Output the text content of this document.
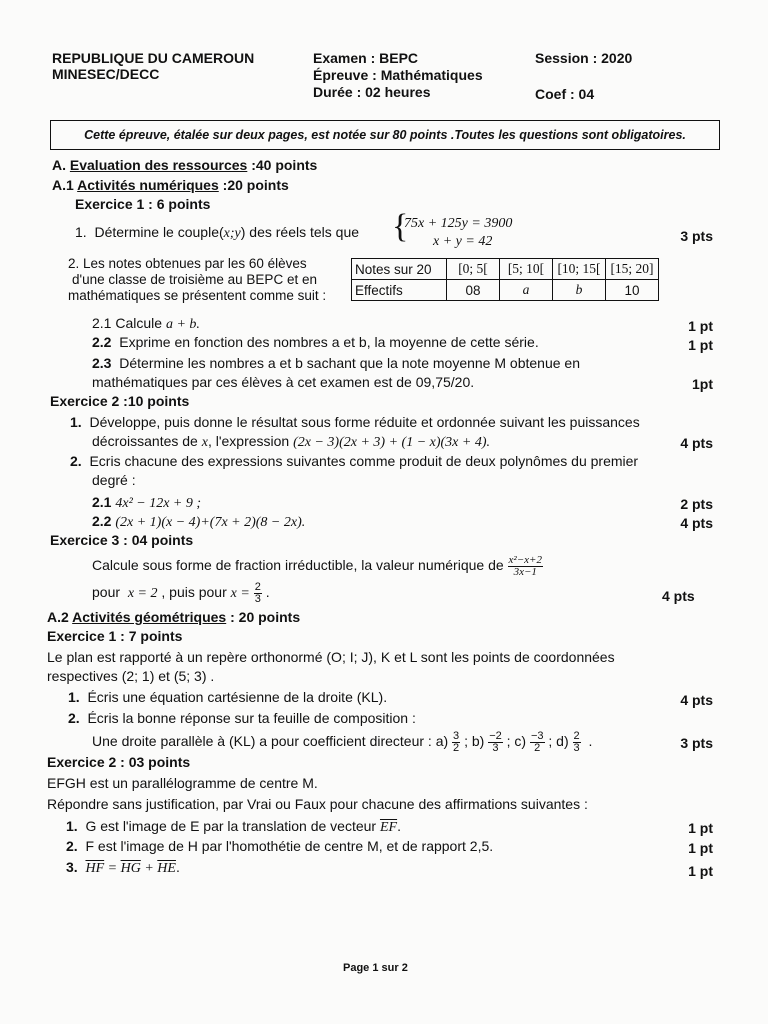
REPUBLIQUE DU CAMEROUN
MINESEC/DECC
Examen : BEPC
Épreuve : Mathématiques
Durée : 02 heures
Session : 2020
Coef : 04
Cette épreuve, étalée sur deux pages, est notée sur 80 points .Toutes les questions sont obligatoires.
A. Evaluation des ressources :40 points
A.1 Activités numériques :20 points
Exercice 1 : 6 points
1. Détermine le couple(x;y) des réels tels que {
75x + 125y = 3900
x + y = 42	3 pts
2. Les notes obtenues par les 60 élèves
d'une classe de troisième au BEPC et en
mathématiques se présentent comme suit :
Notes sur 20	[0; 5[	[5; 10[	[10; 15[	[15; 20]
Effectifs	08	a	b	10
2.1 Calcule a + b.	1 pt
2.2 Exprime en fonction des nombres a et b, la moyenne de cette série.	1 pt
2.3 Détermine les nombres a et b sachant que la note moyenne M obtenue en
mathématiques par ces élèves à cet examen est de 09,75/20.	1pt
Exercice 2 :10 points
1. Développe, puis donne le résultat sous forme réduite et ordonnée suivant les puissances
décroissantes de x, l'expression (2x − 3)(2x + 3) + (1 − x)(3x + 4).	4 pts
2. Ecris chacune des expressions suivantes comme produit de deux polynômes du premier
degré :
2.1 4x² − 12x + 9 ;	2 pts
2.2 (2x + 1)(x − 4)+(7x + 2)(8 − 2x).	4 pts
Exercice 3 : 04 points
Calcule sous forme de fraction irréductible, la valeur numérique de $\frac{\text{x²−x+2}}{3x-1}$
pour x = 2 , puis pour $x = \frac{2}{3}$ .	4 pts
A.2 Activités géométriques : 20 points
Exercice 1 : 7 points
Le plan est rapporté à un repère orthonormé (O; I; J), K et L sont les points de coordonnées
respectives (2; 1) et (5; 3) .
1. Écris une équation cartésienne de la droite (KL).	4 pts
2. Écris la bonne réponse sur ta feuille de composition :
Une droite parallèle à (KL) a pour coefficient directeur : $a) \frac{3}{2}$ ; $b) \frac{-2}{3}$ ; $c) \frac{-3}{2}$ ; $d) \frac{2}{3}$ .	3 pts
Exercice 2 : 03 points
EFGH est un parallélogramme de centre M.
Répondre sans justification, par Vrai ou Faux pour chacune des affirmations suivantes :
1. G est l'image de E par la translation de vecteur $\overline{EF}$.	1 pt
2. F est l'image de H par l'homothétie de centre M, et de rapport 2,5.	1 pt
3. $\overline{HF} = \overline{HG} + \overline{HE}$.	1 pt
Page 1 sur 2
